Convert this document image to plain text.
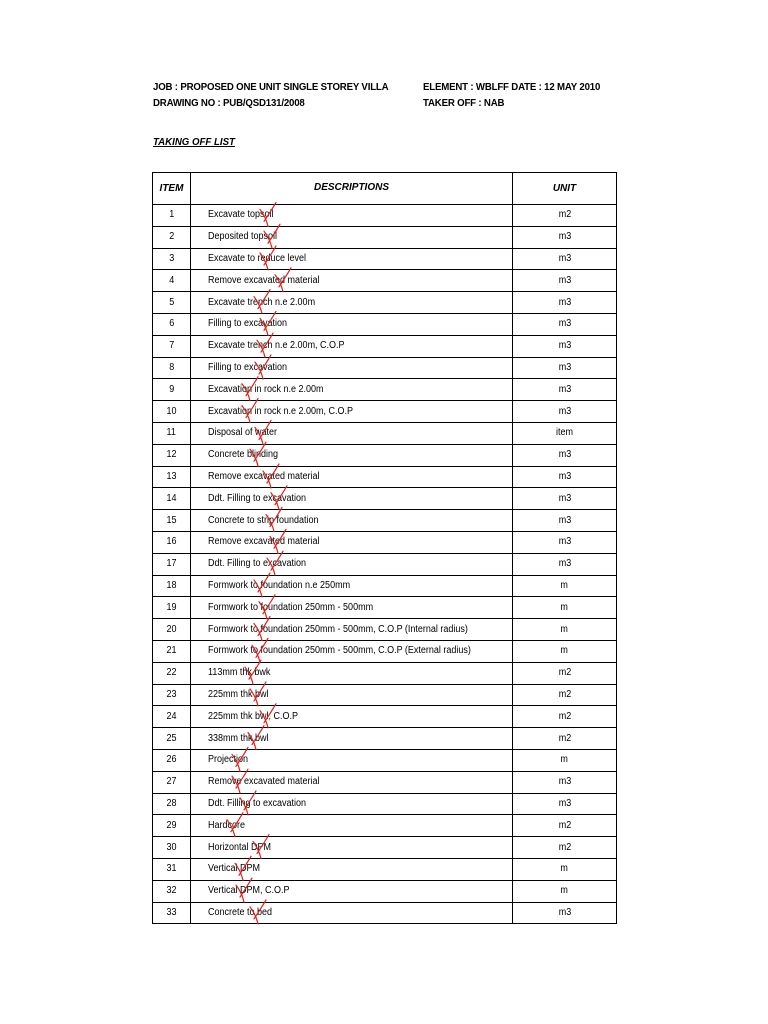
JOB : PROPOSED ONE UNIT SINGLE STOREY VILLA
DRAWING NO : PUB/QSD131/2008
ELEMENT : WBLFF DATE : 12 MAY 2010
TAKER OFF : NAB
TAKING OFF LIST
ITEM	DESCRIPTIONS	UNIT
1	Excavate topsoil	m2
2	Deposited topsoil	m3
3	Excavate to reduce level	m3
4	Remove excavated material	m3
5	Excavate trench n.e 2.00m	m3
6	Filling to excavation	m3
7	Excavate trench n.e 2.00m, C.O.P	m3
8	Filling to excavation	m3
9	Excavation in rock n.e 2.00m	m3
10	Excavation in rock n.e 2.00m, C.O.P	m3
11	Disposal of water	item
12	Concrete blinding	m3
13	Remove excavated material	m3
14	Ddt. Filling to excavation	m3
15	Concrete to strip foundation	m3
16	Remove excavated material	m3
17	Ddt. Filling to excavation	m3
18	Formwork to foundation n.e 250mm	m
19	Formwork to foundation 250mm - 500mm	m
20	Formwork to foundation 250mm - 500mm, C.O.P (Internal radius)	m
21	Formwork to foundation 250mm - 500mm, C.O.P (External radius)	m
22	113mm thk bwk	m2
23	225mm thk bwl	m2
24	225mm thk bwl, C.O.P	m2
25	338mm thk bwl	m2
26	Projection	m
27	Remove excavated material	m3
28	Ddt. Filling to excavation	m3
29	Hardcore	m2
30	Horizontal DPM	m2
31	Vertical DPM	m
32	Vertical DPM, C.O.P	m
33	Concrete to bed	m3
